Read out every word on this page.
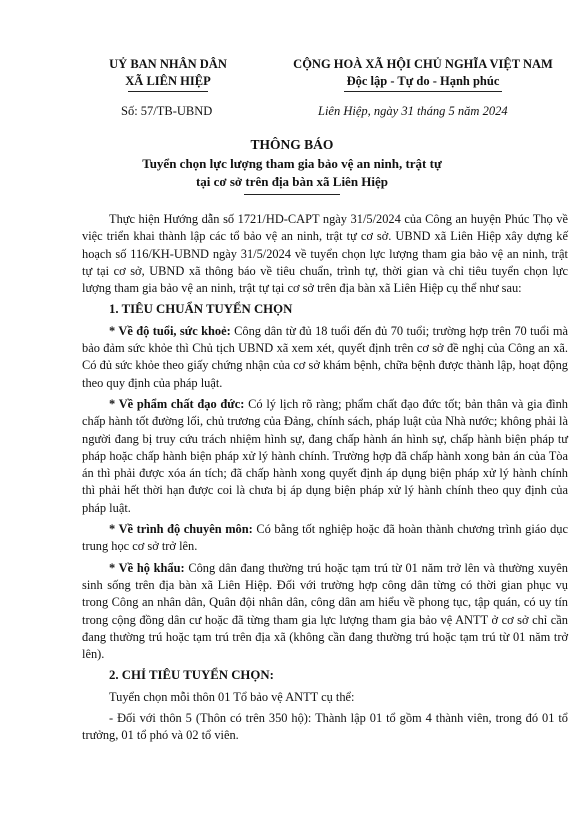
UỶ BAN NHÂN DÂN
XÃ LIÊN HIỆP
CỘNG HOÀ XÃ HỘI CHỦ NGHĨA VIỆT NAM
Độc lập - Tự do - Hạnh phúc
Số: 57/TB-UBND	Liên Hiệp, ngày 31 tháng 5 năm 2024
THÔNG BÁO
Tuyển chọn lực lượng tham gia bảo vệ an ninh, trật tự
tại cơ sở trên địa bàn xã Liên Hiệp

Thực hiện Hướng dẫn số 1721/HD-CAPT ngày 31/5/2024 của Công an huyện Phúc Thọ về việc triển khai thành lập các tổ bảo vệ an ninh, trật tự cơ sở. UBND xã Liên Hiệp xây dựng kế hoạch số 116/KH-UBND ngày 31/5/2024 về tuyển chọn lực lượng tham gia bảo vệ an ninh, trật tự tại cơ sở, UBND xã thông báo về tiêu chuẩn, trình tự, thời gian và chỉ tiêu tuyển chọn lực lượng tham gia bảo vệ an ninh, trật tự tại cơ sở trên địa bàn xã Liên Hiệp cụ thể như sau:

1. TIÊU CHUẨN TUYỂN CHỌN

* Về độ tuổi, sức khoẻ: Công dân từ đủ 18 tuổi đến đủ 70 tuổi; trường hợp trên 70 tuổi mà bảo đảm sức khỏe thì Chủ tịch UBND xã xem xét, quyết định trên cơ sở đề nghị của Công an xã. Có đủ sức khỏe theo giấy chứng nhận của cơ sở khám bệnh, chữa bệnh được thành lập, hoạt động theo quy định của pháp luật.

* Về phẩm chất đạo đức: Có lý lịch rõ ràng; phẩm chất đạo đức tốt; bản thân và gia đình chấp hành tốt đường lối, chủ trương của Đảng, chính sách, pháp luật của Nhà nước; không phải là người đang bị truy cứu trách nhiệm hình sự, đang chấp hành án hình sự, chấp hành biện pháp tư pháp hoặc chấp hành biện pháp xử lý hành chính. Trường hợp đã chấp hành xong bản án của Tòa án thì phải được xóa án tích; đã chấp hành xong quyết định áp dụng biện pháp xử lý hành chính thì phải hết thời hạn được coi là chưa bị áp dụng biện pháp xử lý hành chính theo quy định của pháp luật.

* Về trình độ chuyên môn: Có bằng tốt nghiệp hoặc đã hoàn thành chương trình giáo dục trung học cơ sở trở lên.

* Về hộ khẩu: Công dân đang thường trú hoặc tạm trú từ 01 năm trở lên và thường xuyên sinh sống trên địa bàn xã Liên Hiệp. Đối với trường hợp công dân từng có thời gian phục vụ trong Công an nhân dân, Quân đội nhân dân, công dân am hiểu về phong tục, tập quán, có uy tín trong cộng đồng dân cư hoặc đã từng tham gia lực lượng tham gia bảo vệ ANTT ở cơ sở chỉ cần đang thường trú hoặc tạm trú trên địa xã (không cần đang thường trú hoặc tạm trú từ 01 năm trở lên).

2. CHỈ TIÊU TUYỂN CHỌN:

Tuyển chọn mỗi thôn 01 Tổ bảo vệ ANTT cụ thể:

- Đối với thôn 5 (Thôn có trên 350 hộ): Thành lập 01 tổ gồm 4 thành viên, trong đó 01 tổ trưởng, 01 tổ phó và 02 tổ viên.
